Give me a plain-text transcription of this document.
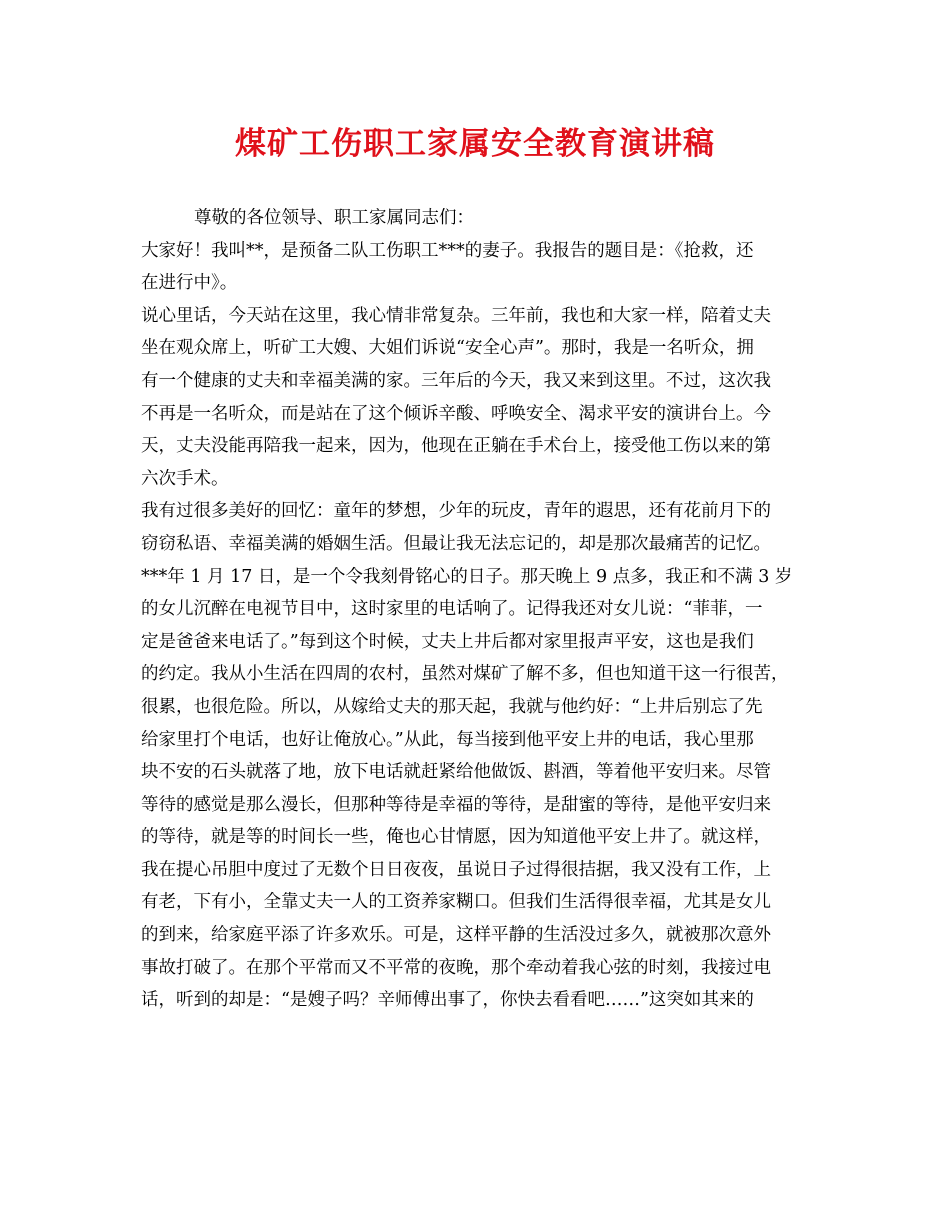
煤矿工伤职工家属安全教育演讲稿
尊敬的各位领导、职工家属同志们：
大家好！我叫**，是预备二队工伤职工***的妻子。我报告的题目是：《抢救，还
在进行中》。
说心里话，今天站在这里，我心情非常复杂。三年前，我也和大家一样，陪着丈夫
坐在观众席上，听矿工大嫂、大姐们诉说“安全心声”。那时，我是一名听众，拥
有一个健康的丈夫和幸福美满的家。三年后的今天，我又来到这里。不过，这次我
不再是一名听众，而是站在了这个倾诉辛酸、呼唤安全、渴求平安的演讲台上。今
天，丈夫没能再陪我一起来，因为，他现在正躺在手术台上，接受他工伤以来的第
六次手术。
我有过很多美好的回忆：童年的梦想，少年的玩皮，青年的遐思，还有花前月下的
窃窃私语、幸福美满的婚姻生活。但最让我无法忘记的，却是那次最痛苦的记忆。
***年 1 月 17 日，是一个令我刻骨铭心的日子。那天晚上 9 点多，我正和不满 3 岁
的女儿沉醉在电视节目中，这时家里的电话响了。记得我还对女儿说：“菲菲，一
定是爸爸来电话了。”每到这个时候，丈夫上井后都对家里报声平安，这也是我们
的约定。我从小生活在四周的农村，虽然对煤矿了解不多，但也知道干这一行很苦，
很累，也很危险。所以，从嫁给丈夫的那天起，我就与他约好：“上井后别忘了先
给家里打个电话，也好让俺放心。”从此，每当接到他平安上井的电话，我心里那
块不安的石头就落了地，放下电话就赶紧给他做饭、斟酒，等着他平安归来。尽管
等待的感觉是那么漫长，但那种等待是幸福的等待，是甜蜜的等待，是他平安归来
的等待，就是等的时间长一些，俺也心甘情愿，因为知道他平安上井了。就这样，
我在提心吊胆中度过了无数个日日夜夜，虽说日子过得很拮据，我又没有工作，上
有老，下有小，全靠丈夫一人的工资养家糊口。但我们生活得很幸福，尤其是女儿
的到来，给家庭平添了许多欢乐。可是，这样平静的生活没过多久，就被那次意外
事故打破了。在那个平常而又不平常的夜晚，那个牵动着我心弦的时刻，我接过电
话，听到的却是：“是嫂子吗？辛师傅出事了，你快去看看吧……”这突如其来的
